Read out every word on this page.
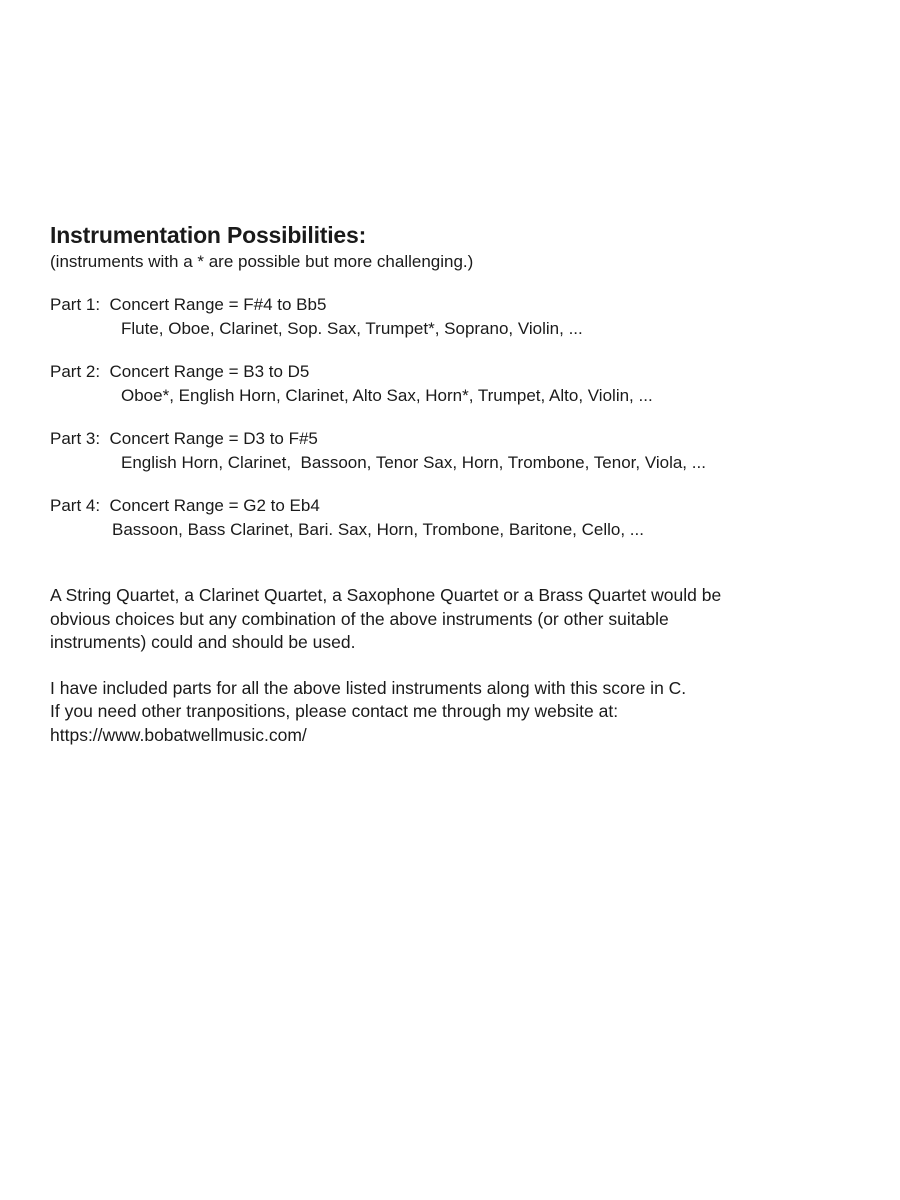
Instrumentation Possibilities:

(instruments with a * are possible but more challenging.)

Part 1:  Concert Range = F#4 to Bb5
Flute, Oboe, Clarinet, Sop. Sax, Trumpet*, Soprano, Violin, ...
Part 2:  Concert Range = B3 to D5
Oboe*, English Horn, Clarinet, Alto Sax, Horn*, Trumpet, Alto, Violin, ...
Part 3:  Concert Range = D3 to F#5
English Horn, Clarinet,  Bassoon, Tenor Sax, Horn, Trombone, Tenor, Viola, ...
Part 4:  Concert Range = G2 to Eb4
Bassoon, Bass Clarinet, Bari. Sax, Horn, Trombone, Baritone, Cello, ...

A String Quartet, a Clarinet Quartet, a Saxophone Quartet or a Brass Quartet would be
obvious choices but any combination of the above instruments (or other suitable
instruments) could and should be used.

I have included parts for all the above listed instruments along with this score in C.
If you need other tranpositions, please contact me through my website at:
https://www.bobatwellmusic.com/
